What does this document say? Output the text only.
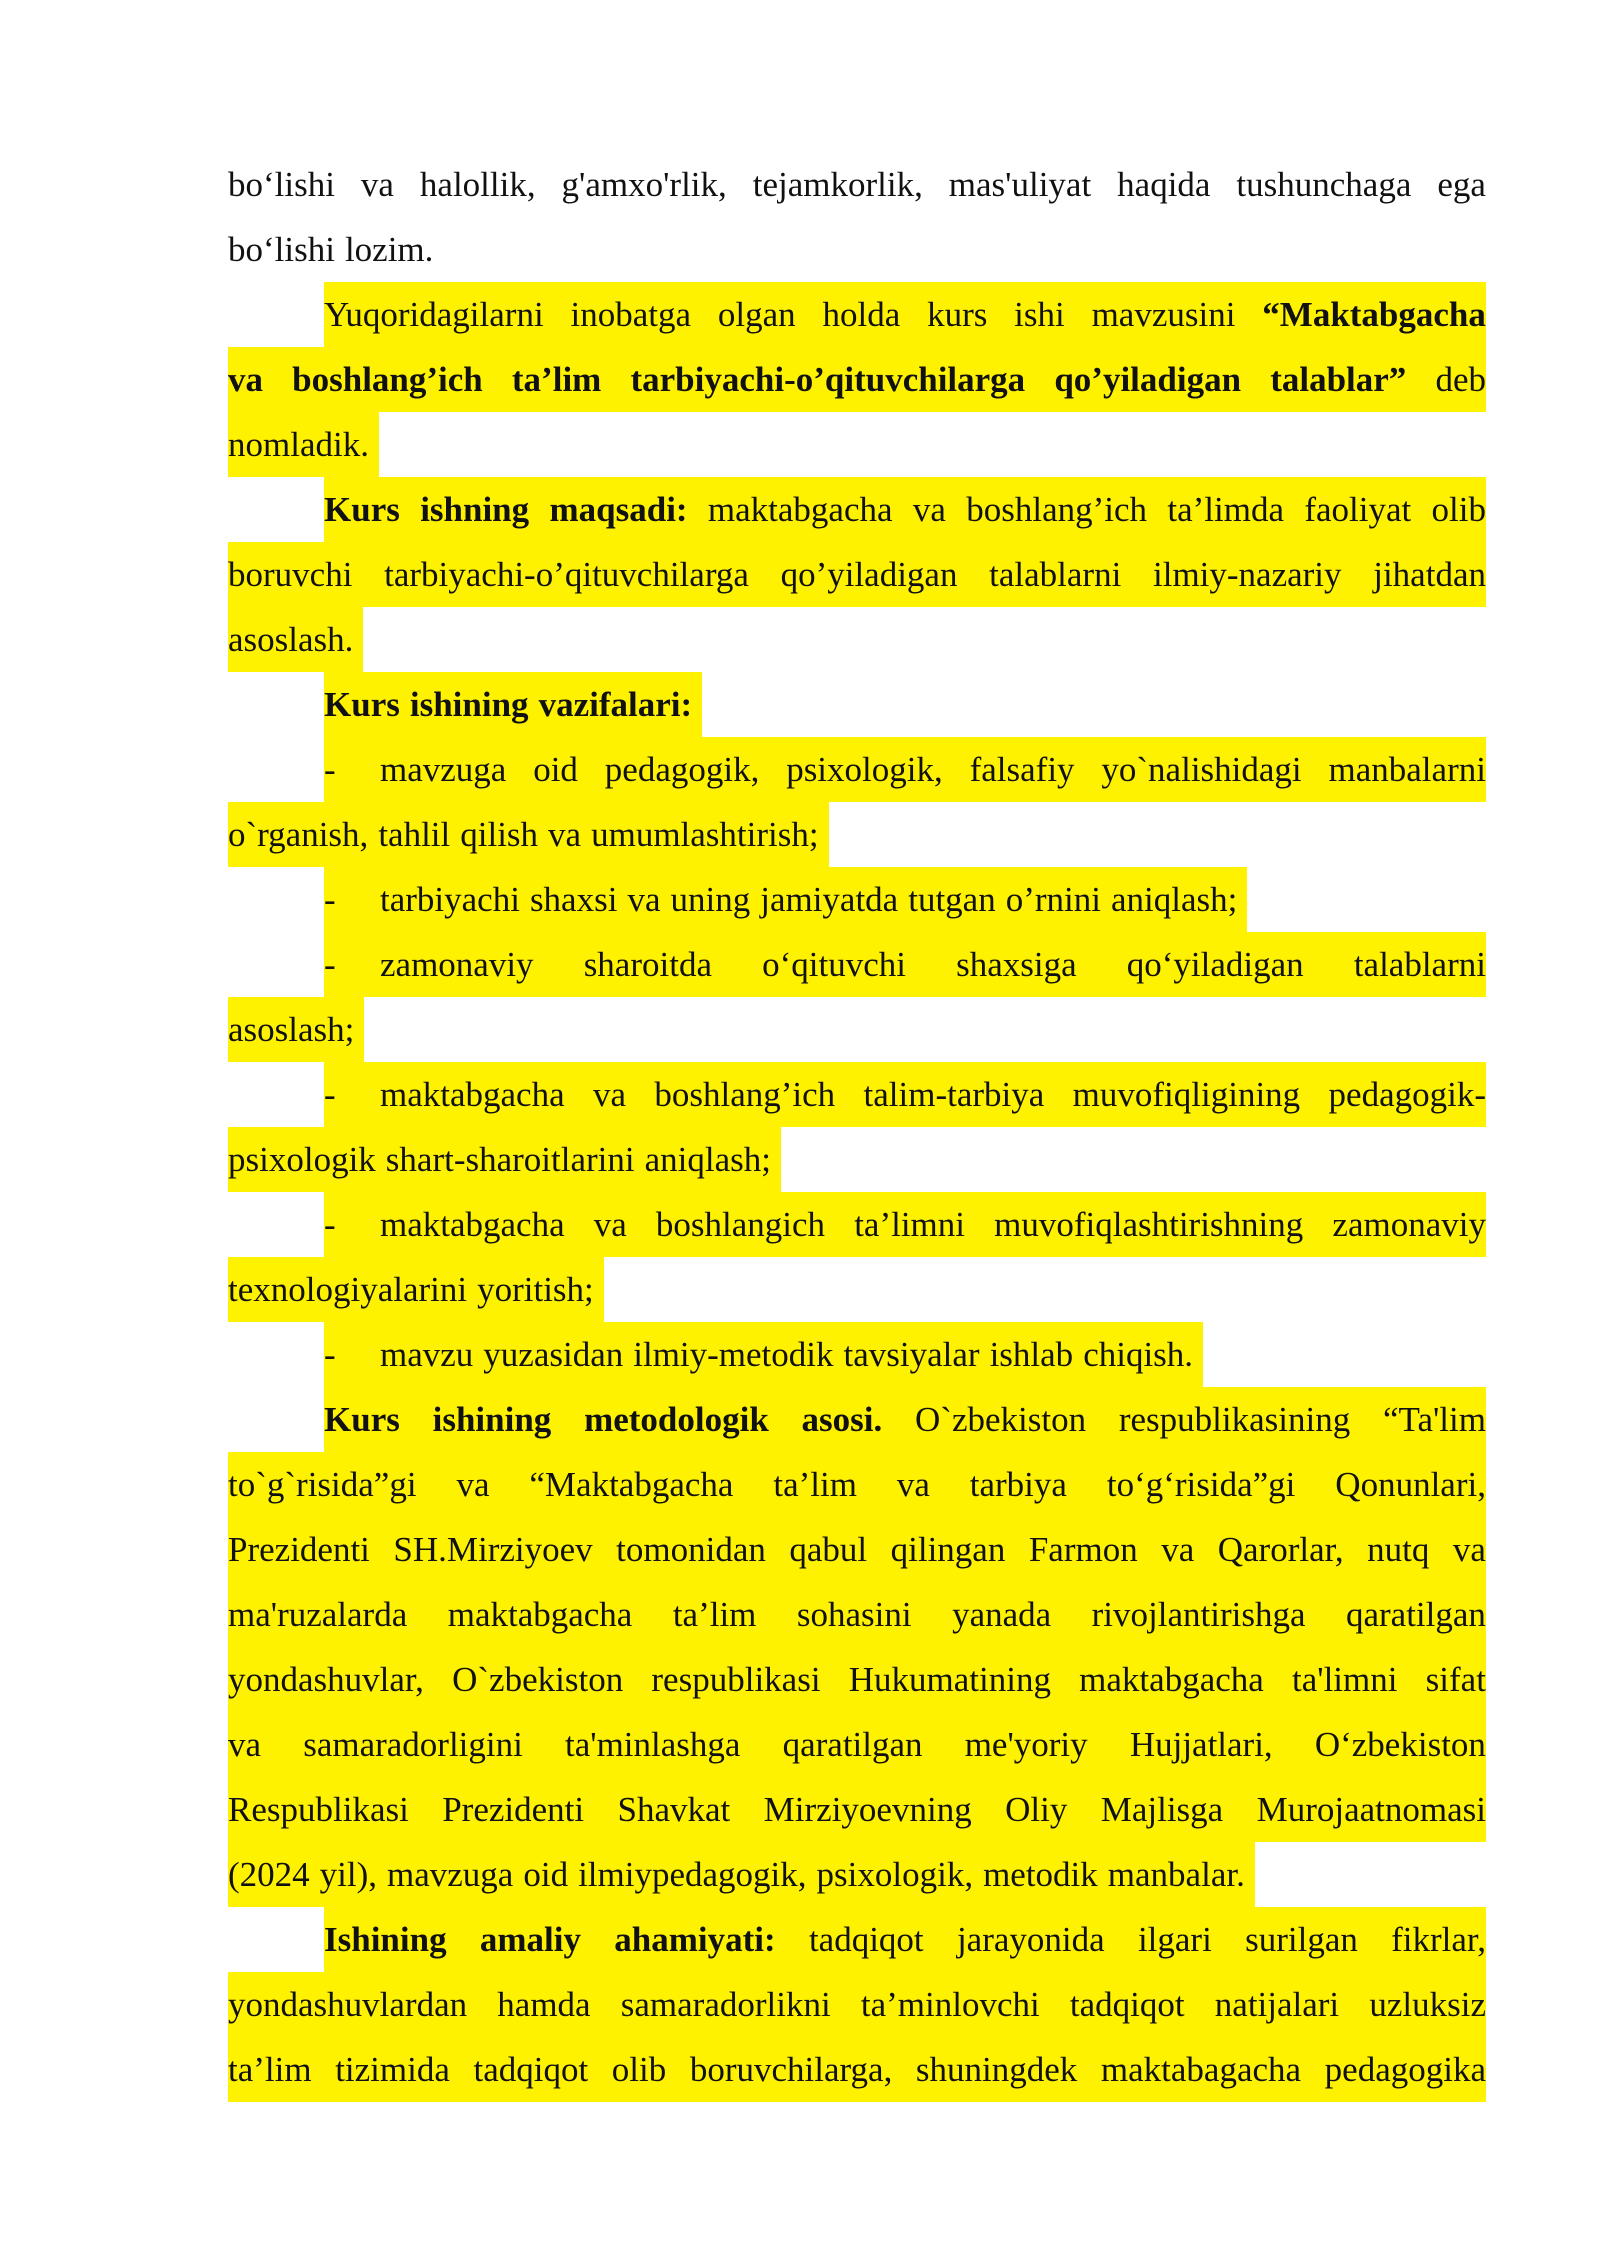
bo‘lishi va halollik, g'amxo'rlik, tejamkorlik, mas'uliyat haqida tushunchaga ega
bo‘lishi lozim.
Yuqoridagilarni inobatga olgan holda kurs ishi mavzusini “Maktabgacha
va boshlang’ich ta’lim tarbiyachi-o’qituvchilarga qo’yiladigan talablar” deb
nomladik.
Kurs ishning maqsadi: maktabgacha va boshlang’ich ta’limda faoliyat olib
boruvchi tarbiyachi-o’qituvchilarga qo’yiladigan talablarni ilmiy-nazariy jihatdan
asoslash.
Kurs ishining vazifalari:
-	mavzuga oid pedagogik, psixologik, falsafiy yo`nalishidagi manbalarni
o`rganish, tahlil qilish va umumlashtirish;
-	tarbiyachi shaxsi va uning jamiyatda tutgan o’rnini aniqlash;
-	zamonaviy sharoitda o‘qituvchi shaxsiga qo‘yiladigan talablarni
asoslash;
-	maktabgacha va boshlang’ich talim-tarbiya muvofiqligining pedagogik-
psixologik shart-sharoitlarini aniqlash;
-	maktabgacha va boshlangich ta’limni muvofiqlashtirishning zamonaviy
texnologiyalarini yoritish;
-	mavzu yuzasidan ilmiy-metodik tavsiyalar ishlab chiqish.
Kurs ishining metodologik asosi. O`zbekiston respublikasining “Ta'lim
to`g`risida”gi va “Maktabgacha ta’lim va tarbiya to‘g‘risida”gi Qonunlari,
Prezidenti SH.Mirziyoev tomonidan qabul qilingan Farmon va Qarorlar, nutq va
ma'ruzalarda maktabgacha ta’lim sohasini yanada rivojlantirishga qaratilgan
yondashuvlar, O`zbekiston respublikasi Hukumatining maktabgacha ta'limni sifat
va samaradorligini ta'minlashga qaratilgan me'yoriy Hujjatlari, O‘zbekiston
Respublikasi Prezidenti Shavkat Mirziyoevning Oliy Majlisga Murojaatnomasi
(2024 yil), mavzuga oid ilmiypedagogik, psixologik, metodik manbalar.
Ishining amaliy ahamiyati: tadqiqot jarayonida ilgari surilgan fikrlar,
yondashuvlardan hamda samaradorlikni ta’minlovchi tadqiqot natijalari uzluksiz
ta’lim tizimida tadqiqot olib boruvchilarga, shuningdek maktabagacha pedagogika
